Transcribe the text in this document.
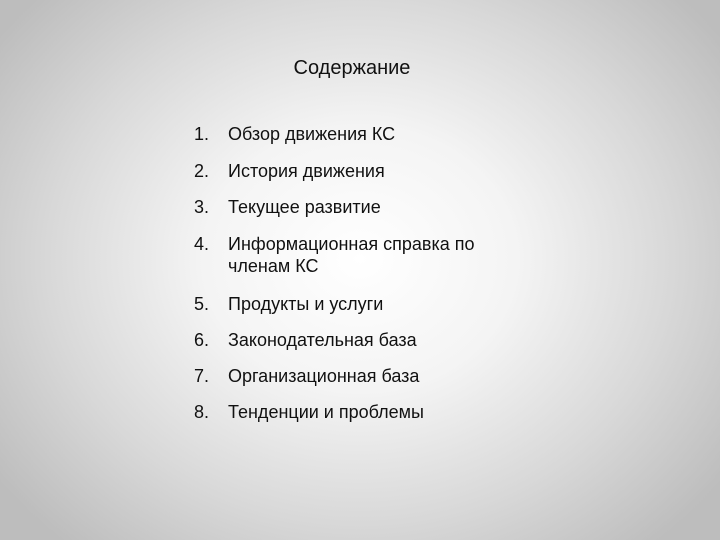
Содержание
1.	Обзор движения КС
2.	История движения
3.	Текущее развитие
4.	Информационная справка по членам КС
5.	Продукты и услуги
6.	Законодательная база
7.	Организационная база
8.	Тенденции и проблемы
